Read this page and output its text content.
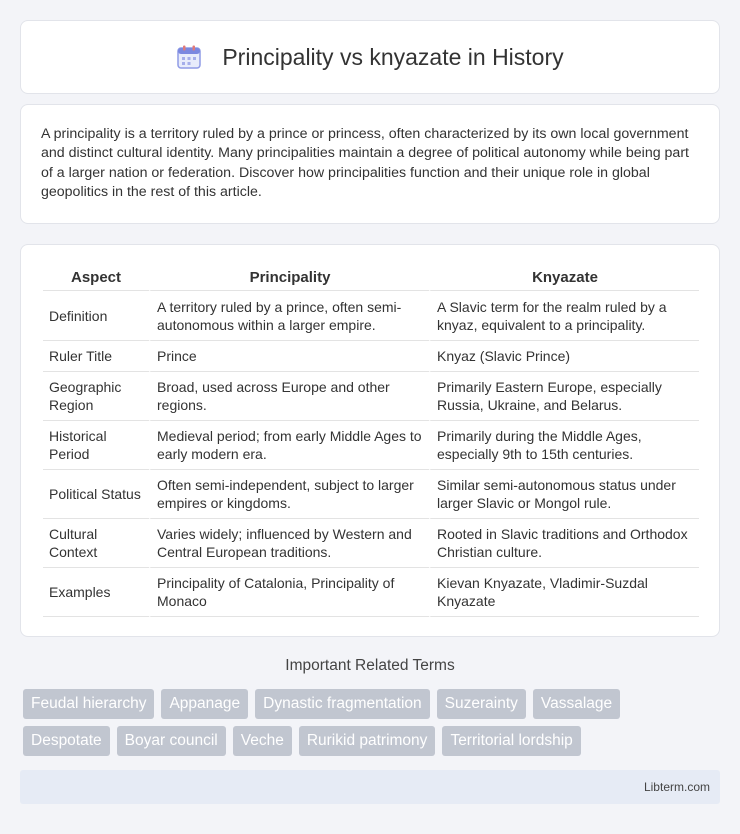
Principality vs knyazate in History

A principality is a territory ruled by a prince or princess, often characterized by its own local government and distinct cultural identity. Many principalities maintain a degree of political autonomy while being part of a larger nation or federation. Discover how principalities function and their unique role in global geopolitics in the rest of this article.

Aspect	Principality	Knyazate
Definition	A territory ruled by a prince, often semi-autonomous within a larger empire.	A Slavic term for the realm ruled by a knyaz, equivalent to a principality.
Ruler Title	Prince	Knyaz (Slavic Prince)
Geographic Region	Broad, used across Europe and other regions.	Primarily Eastern Europe, especially Russia, Ukraine, and Belarus.
Historical Period	Medieval period; from early Middle Ages to early modern era.	Primarily during the Middle Ages, especially 9th to 15th centuries.
Political Status	Often semi-independent, subject to larger empires or kingdoms.	Similar semi-autonomous status under larger Slavic or Mongol rule.
Cultural Context	Varies widely; influenced by Western and Central European traditions.	Rooted in Slavic traditions and Orthodox Christian culture.
Examples	Principality of Catalonia, Principality of Monaco	Kievan Knyazate, Vladimir-Suzdal Knyazate
Important Related Terms
Feudal hierarchy	Appanage	Dynastic fragmentation	Suzerainty	Vassalage
Despotate	Boyar council	Veche	Rurikid patrimony	Territorial lordship
Libterm.com
